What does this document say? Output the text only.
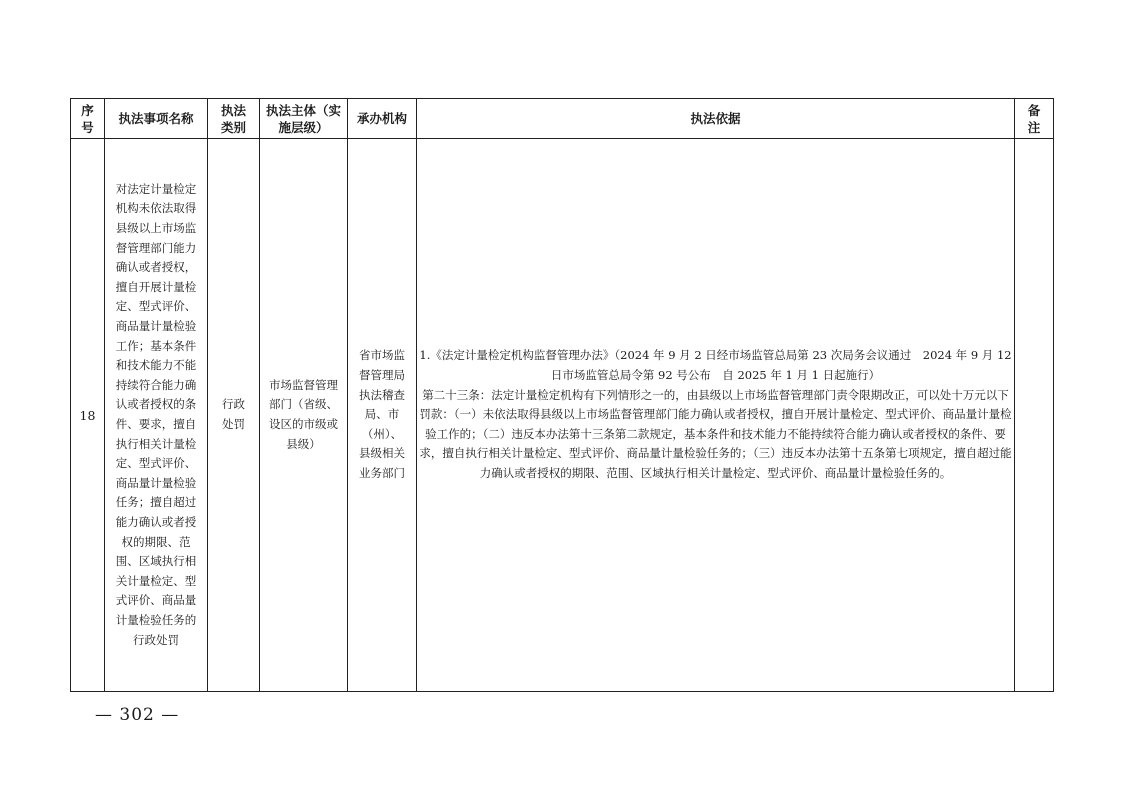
序号	执法事项名称	执法类别	执法主体（实施层级）	承办机构	执法依据	备注

18	对法定计量检定机构未依法取得县级以上市场监督管理部门能力确认或者授权，擅自开展计量检定、型式评价、商品量计量检验工作；基本条件和技术能力不能持续符合能力确认或者授权的条件、要求，擅自执行相关计量检定、型式评价、商品量计量检验任务；擅自超过能力确认或者授权的期限、范围、区域执行相关计量检定、型式评价、商品量计量检验任务的行政处罚	行政处罚	市场监督管理部门（省级、设区的市级或县级）	省市场监督管理局执法稽查局、市（州）、县级相关业务部门	1.《法定计量检定机构监督管理办法》（2024 年 9 月 2 日经市场监管总局第 23 次局务会议通过　2024 年 9 月 12 日市场监管总局令第 92 号公布　自 2025 年 1 月 1 日起施行）

第二十三条：法定计量检定机构有下列情形之一的，由县级以上市场监督管理部门责令限期改正，可以处十万元以下罚款：（一）未依法取得县级以上市场监督管理部门能力确认或者授权，擅自开展计量检定、型式评价、商品量计量检验工作的；（二）违反本办法第十三条第二款规定，基本条件和技术能力不能持续符合能力确认或者授权的条件、要求，擅自执行相关计量检定、型式评价、商品量计量检验任务的；（三）违反本办法第十五条第七项规定，擅自超过能力确认或者授权的期限、范围、区域执行相关计量检定、型式评价、商品量计量检验任务的。	

— 302 —
